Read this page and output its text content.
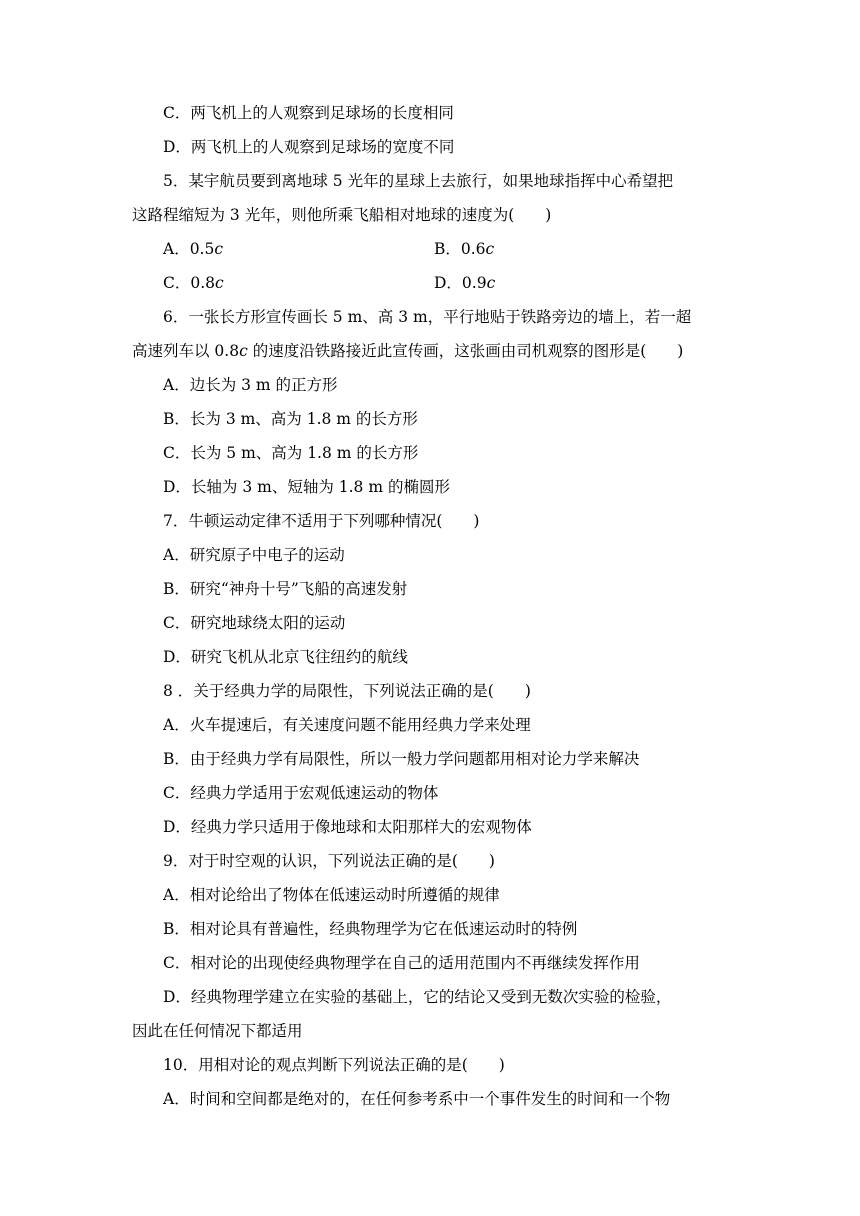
C．两飞机上的人观察到足球场的长度相同
D．两飞机上的人观察到足球场的宽度不同
5．某宇航员要到离地球 5 光年的星球上去旅行，如果地球指挥中心希望把
这路程缩短为 3 光年，则他所乘飞船相对地球的速度为(　　)
A．0.5c	B．0.6c
C．0.8c	D．0.9c
6．一张长方形宣传画长 5 m、高 3 m，平行地贴于铁路旁边的墙上，若一超
高速列车以 0.8c 的速度沿铁路接近此宣传画，这张画由司机观察的图形是(　　)
A．边长为 3 m 的正方形
B．长为 3 m、高为 1.8 m 的长方形
C．长为 5 m、高为 1.8 m 的长方形
D．长轴为 3 m、短轴为 1.8 m 的椭圆形
7．牛顿运动定律不适用于下列哪种情况(　　)
A．研究原子中电子的运动
B．研究“神舟十号”飞船的高速发射
C．研究地球绕太阳的运动
D．研究飞机从北京飞往纽约的航线
8 ．关于经典力学的局限性，下列说法正确的是(　　)
A．火车提速后，有关速度问题不能用经典力学来处理
B．由于经典力学有局限性，所以一般力学问题都用相对论力学来解决
C．经典力学适用于宏观低速运动的物体
D．经典力学只适用于像地球和太阳那样大的宏观物体
9．对于时空观的认识，下列说法正确的是(　　)
A．相对论给出了物体在低速运动时所遵循的规律
B．相对论具有普遍性，经典物理学为它在低速运动时的特例
C．相对论的出现使经典物理学在自己的适用范围内不再继续发挥作用
D．经典物理学建立在实验的基础上，它的结论又受到无数次实验的检验，
因此在任何情况下都适用
10．用相对论的观点判断下列说法正确的是(　　)
A．时间和空间都是绝对的，在任何参考系中一个事件发生的时间和一个物
